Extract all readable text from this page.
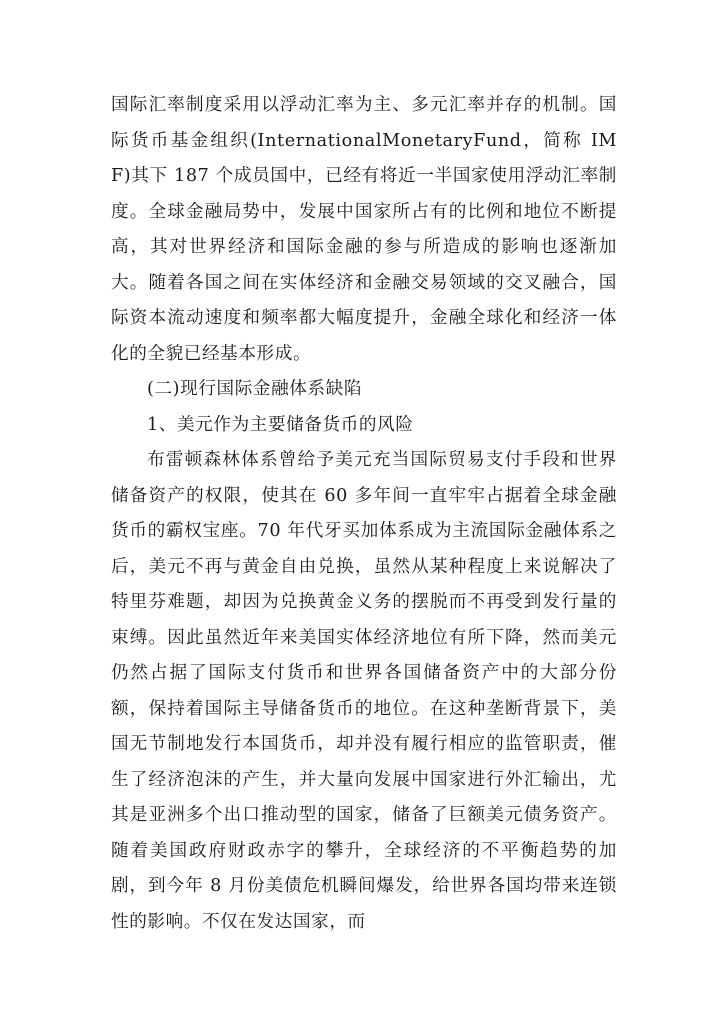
国际汇率制度采用以浮动汇率为主、多元汇率并存的机制。国际货币基金组织(InternationalMonetaryFund，简称 IMF)其下 187 个成员国中，已经有将近一半国家使用浮动汇率制度。全球金融局势中，发展中国家所占有的比例和地位不断提高，其对世界经济和国际金融的参与所造成的影响也逐渐加大。随着各国之间在实体经济和金融交易领域的交叉融合，国际资本流动速度和频率都大幅度提升，金融全球化和经济一体化的全貌已经基本形成。

(二)现行国际金融体系缺陷

1、美元作为主要储备货币的风险

布雷顿森林体系曾给予美元充当国际贸易支付手段和世界储备资产的权限，使其在 60 多年间一直牢牢占据着全球金融货币的霸权宝座。70 年代牙买加体系成为主流国际金融体系之后，美元不再与黄金自由兑换，虽然从某种程度上来说解决了特里芬难题，却因为兑换黄金义务的摆脱而不再受到发行量的束缚。因此虽然近年来美国实体经济地位有所下降，然而美元仍然占据了国际支付货币和世界各国储备资产中的大部分份额，保持着国际主导储备货币的地位。在这种垄断背景下，美国无节制地发行本国货币，却并没有履行相应的监管职责，催生了经济泡沫的产生，并大量向发展中国家进行外汇输出，尤其是亚洲多个出口推动型的国家，储备了巨额美元债务资产。随着美国政府财政赤字的攀升，全球经济的不平衡趋势的加剧，到今年 8 月份美债危机瞬间爆发，给世界各国均带来连锁性的影响。不仅在发达国家，而
